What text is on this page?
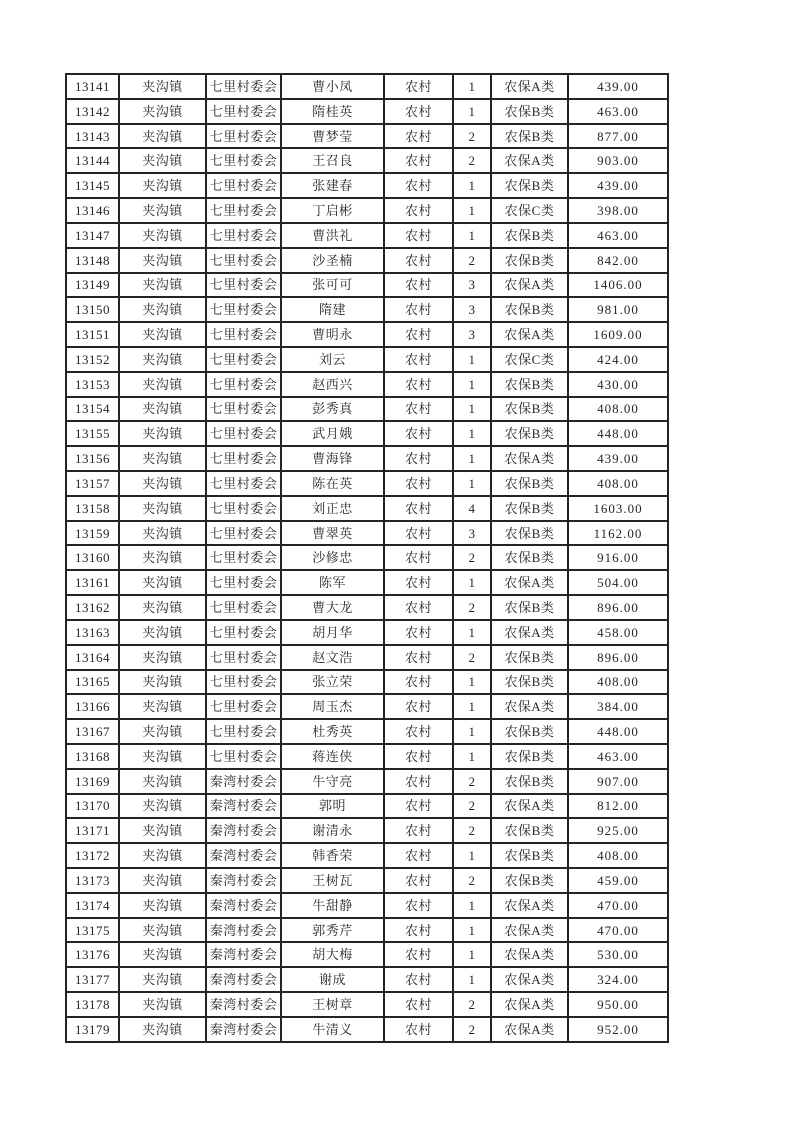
13141	夹沟镇	七里村委会	曹小凤	农村	1	农保A类	439.00
13142	夹沟镇	七里村委会	隋桂英	农村	1	农保B类	463.00
13143	夹沟镇	七里村委会	曹梦莹	农村	2	农保B类	877.00
13144	夹沟镇	七里村委会	王召良	农村	2	农保A类	903.00
13145	夹沟镇	七里村委会	张建春	农村	1	农保B类	439.00
13146	夹沟镇	七里村委会	丁启彬	农村	1	农保C类	398.00
13147	夹沟镇	七里村委会	曹洪礼	农村	1	农保B类	463.00
13148	夹沟镇	七里村委会	沙圣楠	农村	2	农保B类	842.00
13149	夹沟镇	七里村委会	张可可	农村	3	农保A类	1406.00
13150	夹沟镇	七里村委会	隋建	农村	3	农保B类	981.00
13151	夹沟镇	七里村委会	曹明永	农村	3	农保A类	1609.00
13152	夹沟镇	七里村委会	刘云	农村	1	农保C类	424.00
13153	夹沟镇	七里村委会	赵西兴	农村	1	农保B类	430.00
13154	夹沟镇	七里村委会	彭秀真	农村	1	农保B类	408.00
13155	夹沟镇	七里村委会	武月娥	农村	1	农保B类	448.00
13156	夹沟镇	七里村委会	曹海锋	农村	1	农保A类	439.00
13157	夹沟镇	七里村委会	陈在英	农村	1	农保B类	408.00
13158	夹沟镇	七里村委会	刘正忠	农村	4	农保B类	1603.00
13159	夹沟镇	七里村委会	曹翠英	农村	3	农保B类	1162.00
13160	夹沟镇	七里村委会	沙修忠	农村	2	农保B类	916.00
13161	夹沟镇	七里村委会	陈军	农村	1	农保A类	504.00
13162	夹沟镇	七里村委会	曹大龙	农村	2	农保B类	896.00
13163	夹沟镇	七里村委会	胡月华	农村	1	农保A类	458.00
13164	夹沟镇	七里村委会	赵文浩	农村	2	农保B类	896.00
13165	夹沟镇	七里村委会	张立荣	农村	1	农保B类	408.00
13166	夹沟镇	七里村委会	周玉杰	农村	1	农保A类	384.00
13167	夹沟镇	七里村委会	杜秀英	农村	1	农保B类	448.00
13168	夹沟镇	七里村委会	蒋连侠	农村	1	农保B类	463.00
13169	夹沟镇	秦湾村委会	牛守亮	农村	2	农保B类	907.00
13170	夹沟镇	秦湾村委会	郭明	农村	2	农保A类	812.00
13171	夹沟镇	秦湾村委会	谢清永	农村	2	农保B类	925.00
13172	夹沟镇	秦湾村委会	韩香荣	农村	1	农保B类	408.00
13173	夹沟镇	秦湾村委会	王树瓦	农村	2	农保B类	459.00
13174	夹沟镇	秦湾村委会	牛甜静	农村	1	农保A类	470.00
13175	夹沟镇	秦湾村委会	郭秀芹	农村	1	农保A类	470.00
13176	夹沟镇	秦湾村委会	胡大梅	农村	1	农保A类	530.00
13177	夹沟镇	秦湾村委会	谢成	农村	1	农保A类	324.00
13178	夹沟镇	秦湾村委会	王树章	农村	2	农保A类	950.00
13179	夹沟镇	秦湾村委会	牛清义	农村	2	农保A类	952.00
